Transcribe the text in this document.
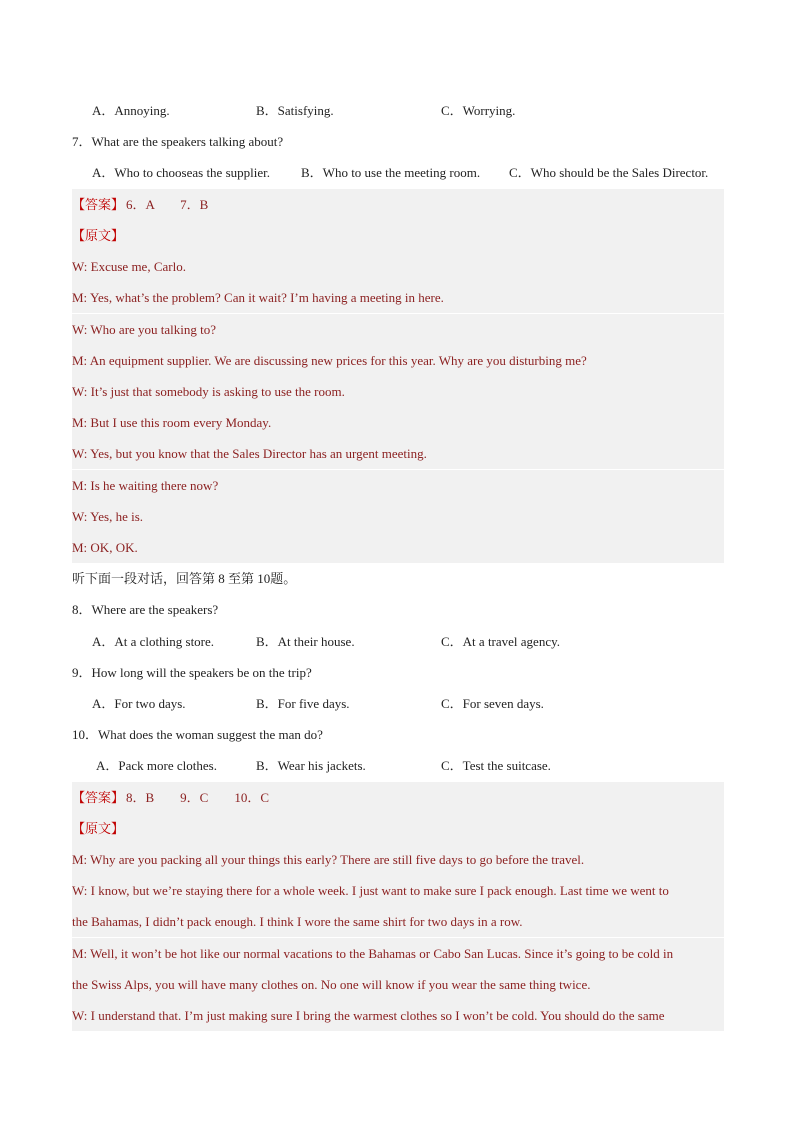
A．Annoying.	B．Satisfying.	C．Worrying.
7．What are the speakers talking about?
A．Who to chooseas the supplier. B．Who to use the meeting room. C．Who should be the Sales Director.
【答案】 6．A　　7．B
【原文】
W: Excuse me, Carlo.
M: Yes, what’s the problem? Can it wait? I’m having a meeting in here.
W: Who are you talking to?
M: An equipment supplier. We are discussing new prices for this year. Why are you disturbing me?
W: It’s just that somebody is asking to use the room.
M: But I use this room every Monday.
W: Yes, but you know that the Sales Director has an urgent meeting.
M: Is he waiting there now?
W: Yes, he is.
M: OK, OK.
听下面一段对话，回答第 8 至第 10题。
8．Where are the speakers?
A．At a clothing store.	B．At their house.	C．At a travel agency.
9．How long will the speakers be on the trip?
A．For two days.	B．For five days.	C．For seven days.
10．What does the woman suggest the man do?
A．Pack more clothes.	B．Wear his jackets.	C．Test the suitcase.
【答案】 8．B　　9．C　　10．C
【原文】
M: Why are you packing all your things this early? There are still five days to go before the travel.
W: I know, but we’re staying there for a whole week. I just want to make sure I pack enough. Last time we went to
the Bahamas, I didn’t pack enough. I think I wore the same shirt for two days in a row.
M: Well, it won’t be hot like our normal vacations to the Bahamas or Cabo San Lucas. Since it’s going to be cold in
the Swiss Alps, you will have many clothes on. No one will know if you wear the same thing twice.
W: I understand that. I’m just making sure I bring the warmest clothes so I won’t be cold. You should do the same
